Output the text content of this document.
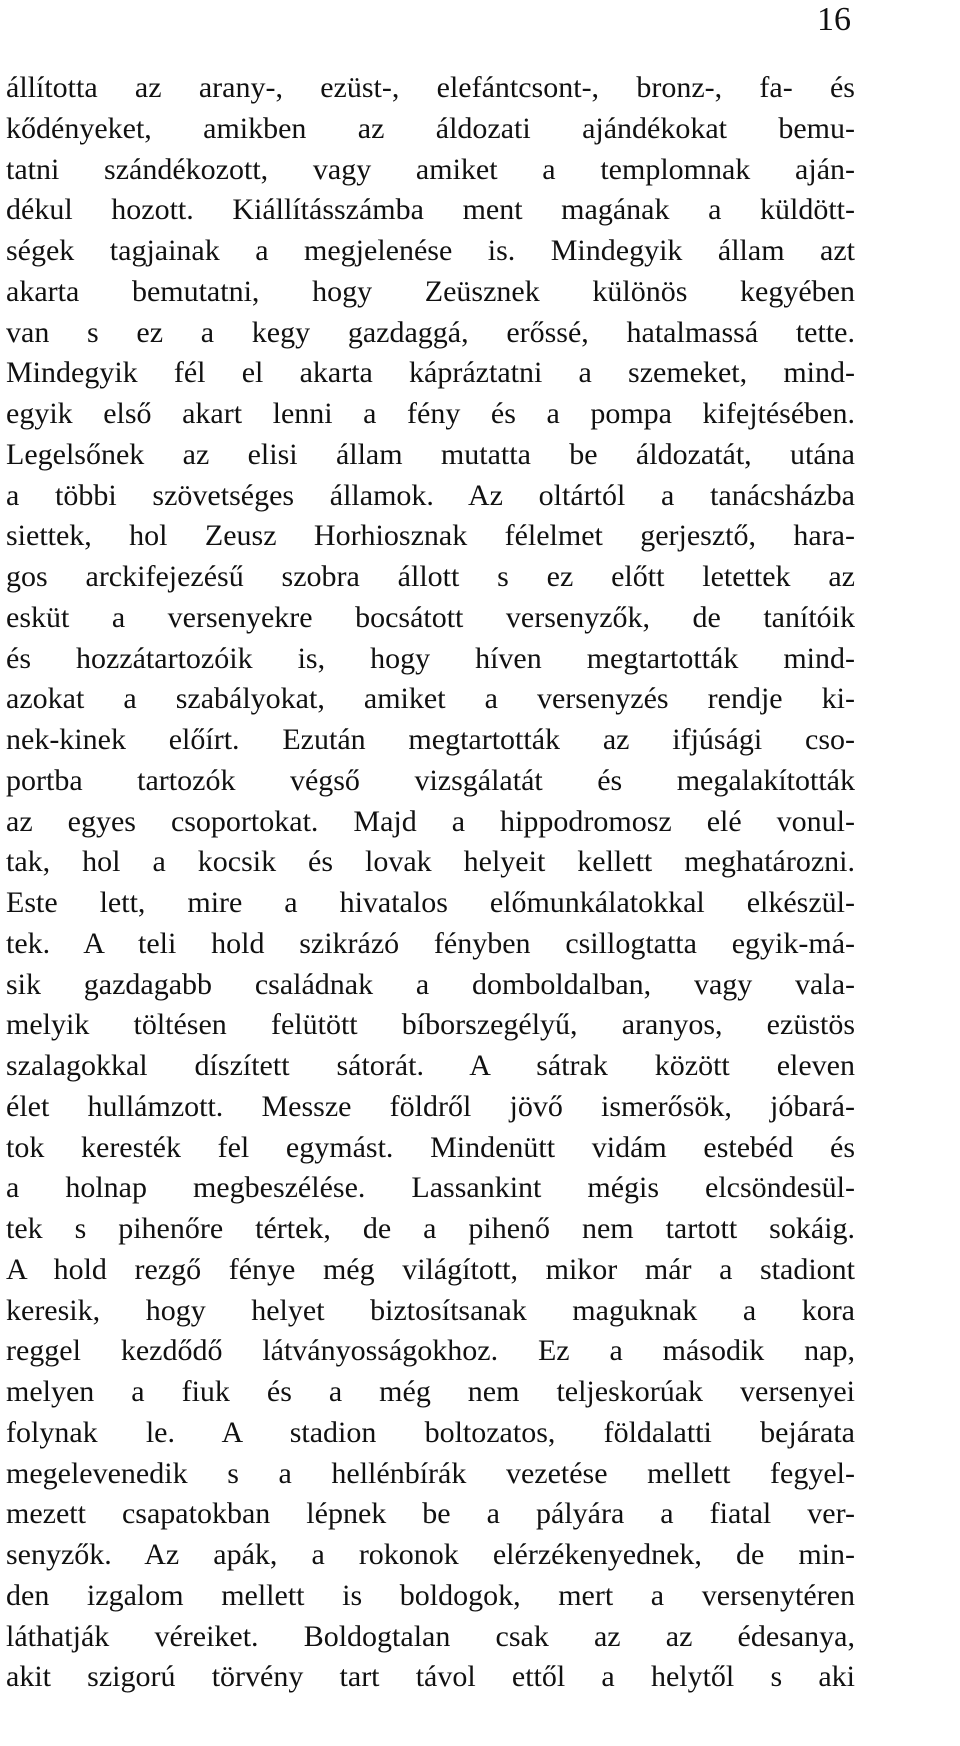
16
állította az arany-, ezüst-, elefántcsont-, bronz-, fa- és
kődényeket, amikben az áldozati ajándékokat bemu-
tatni szándékozott, vagy amiket a templomnak aján-
dékul hozott. Kiállításszámba ment magának a küldött-
ségek tagjainak a megjelenése is. Mindegyik állam azt
akarta bemutatni, hogy Zeüsznek különös kegyében
van s ez a kegy gazdaggá, erőssé, hatalmassá tette.
Mindegyik fél el akarta kápráztatni a szemeket, mind-
egyik első akart lenni a fény és a pompa kifejtésében.
Legelsőnek az elisi állam mutatta be áldozatát, utána
a többi szövetséges államok. Az oltártól a tanácsházba
siettek, hol Zeusz Horhiosznak félelmet gerjesztő, hara-
gos arckifejezésű szobra állott s ez előtt letettek az
esküt a versenyekre bocsátott versenyzők, de tanítóik
és hozzátartozóik is, hogy híven megtartották mind-
azokat a szabályokat, amiket a versenyzés rendje ki-
nek-kinek előírt. Ezután megtartották az ifjúsági cso-
portba tartozók végső vizsgálatát és megalakították
az egyes csoportokat. Majd a hippodromosz elé vonul-
tak, hol a kocsik és lovak helyeit kellett meghatározni.
Este lett, mire a hivatalos előmunkálatokkal elkészül-
tek. A teli hold szikrázó fényben csillogtatta egyik-má-
sik gazdagabb családnak a domboldalban, vagy vala-
melyik töltésen felütött bíborszegélyű, aranyos, ezüstös
szalagokkal díszített sátorát. A sátrak között eleven
élet hullámzott. Messze földről jövő ismerősök, jóbará-
tok keresték fel egymást. Mindenütt vidám estebéd és
a holnap megbeszélése. Lassankint mégis elcsöndesül-
tek s pihenőre tértek, de a pihenő nem tartott sokáig.
A hold rezgő fénye még világított, mikor már a stadiont
keresik, hogy helyet biztosítsanak maguknak a kora
reggel kezdődő látványosságokhoz. Ez a második nap,
melyen a fiuk és a még nem teljeskorúak versenyei
folynak le. A stadion boltozatos, földalatti bejárata
megelevenedik s a hellénbírák vezetése mellett fegyel-
mezett csapatokban lépnek be a pályára a fiatal ver-
senyzők. Az apák, a rokonok elérzékenyednek, de min-
den izgalom mellett is boldogok, mert a versenytéren
láthatják véreiket. Boldogtalan csak az az édesanya,
akit szigorú törvény tart távol ettől a helytől s aki
